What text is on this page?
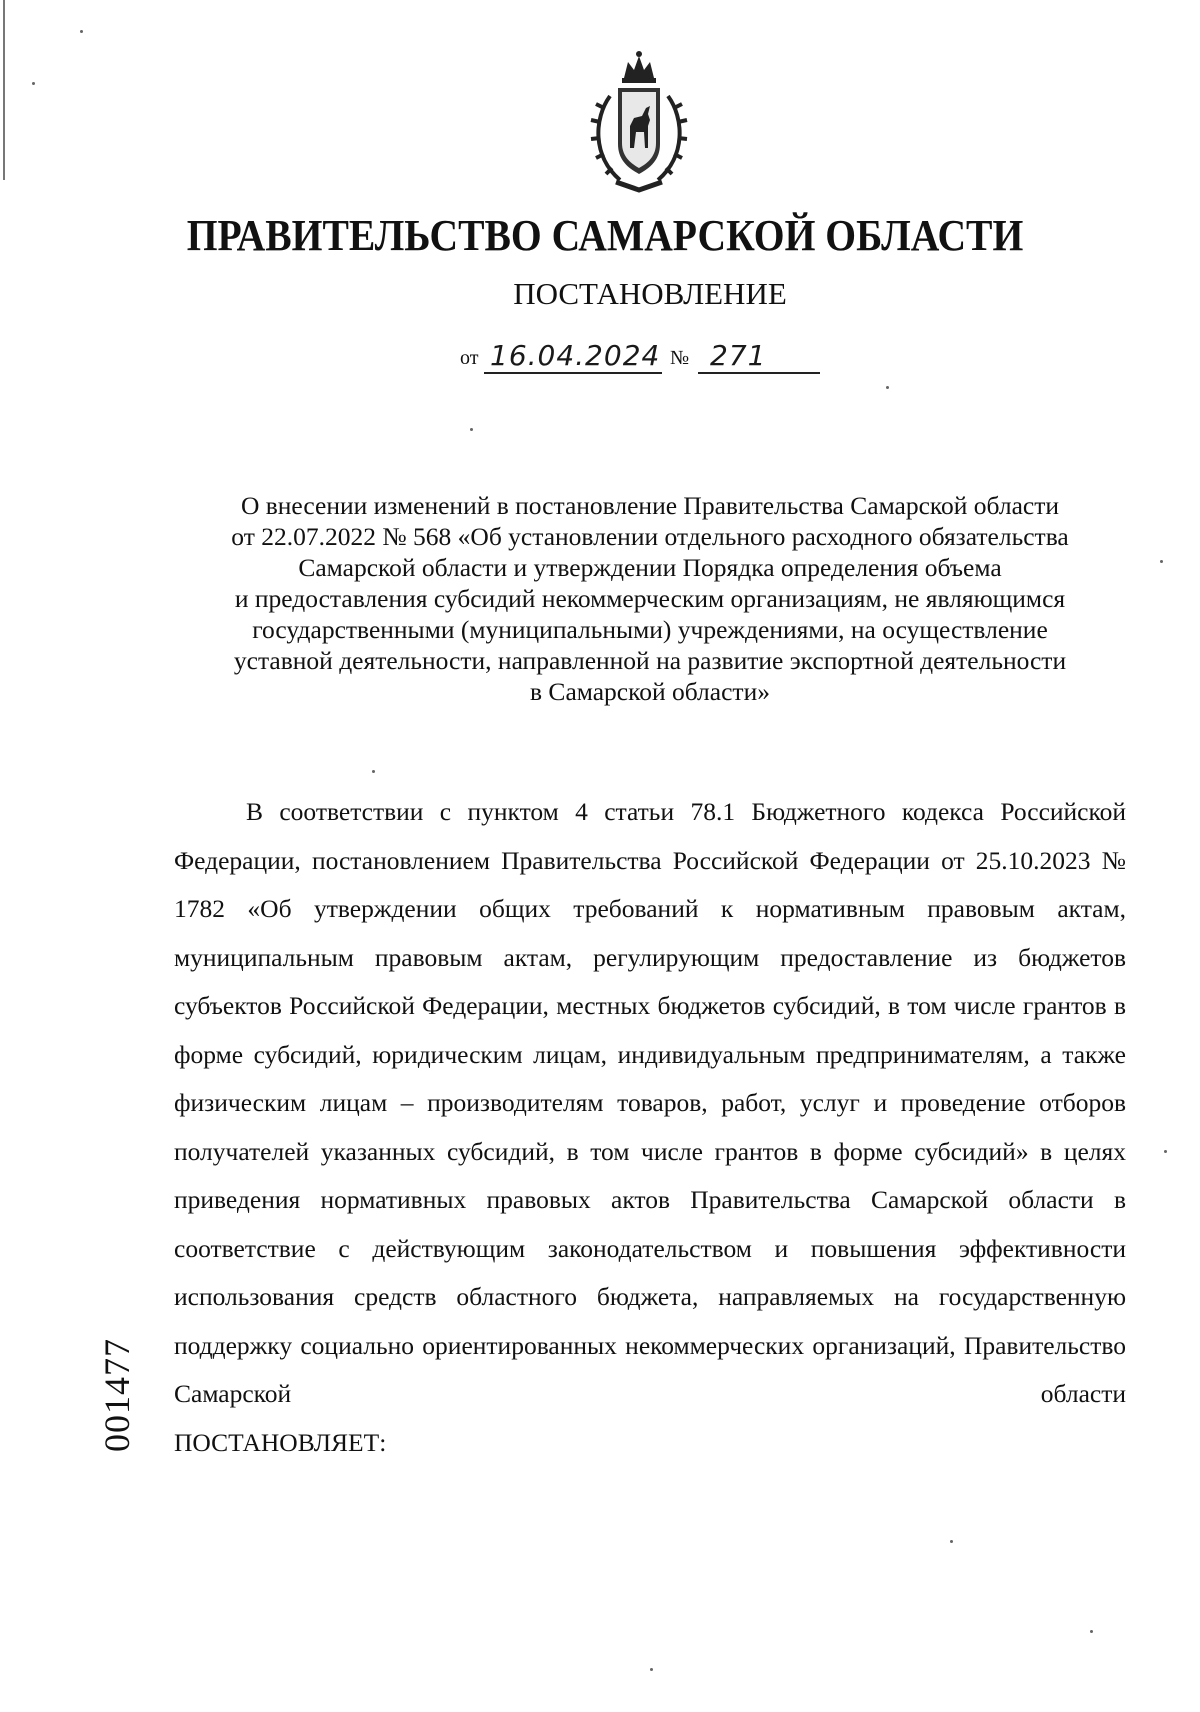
ПРАВИТЕЛЬСТВО САМАРСКОЙ ОБЛАСТИ
ПОСТАНОВЛЕНИЕ
от 16.04.2024 № 271
О внесении изменений в постановление Правительства Самарской области
от 22.07.2022 № 568 «Об установлении отдельного расходного обязательства
Самарской области и утверждении Порядка определения объема
и предоставления субсидий некоммерческим организациям, не являющимся
государственными (муниципальными) учреждениями, на осуществление
уставной деятельности, направленной на развитие экспортной деятельности
в Самарской области»
В соответствии с пунктом 4 статьи 78.1 Бюджетного кодекса Российской Федерации, постановлением Правительства Российской Федерации от 25.10.2023 № 1782 «Об утверждении общих требований к нормативным правовым актам, муниципальным правовым актам, регулирующим предоставление из бюджетов субъектов Российской Федерации, местных бюджетов субсидий, в том числе грантов в форме субсидий, юридическим лицам, индивидуальным предпринимателям, а также физическим лицам – производителям товаров, работ, услуг и проведение отборов получателей указанных субсидий, в том числе грантов в форме субсидий» в целях приведения нормативных правовых актов Правительства Самарской области в соответствие с действующим законодательством и повышения эффективности использования средств областного бюджета, направляемых на государственную поддержку социально ориентированных некоммерческих организаций, Правительство Самарской области
ПОСТАНОВЛЯЕТ:
001477
